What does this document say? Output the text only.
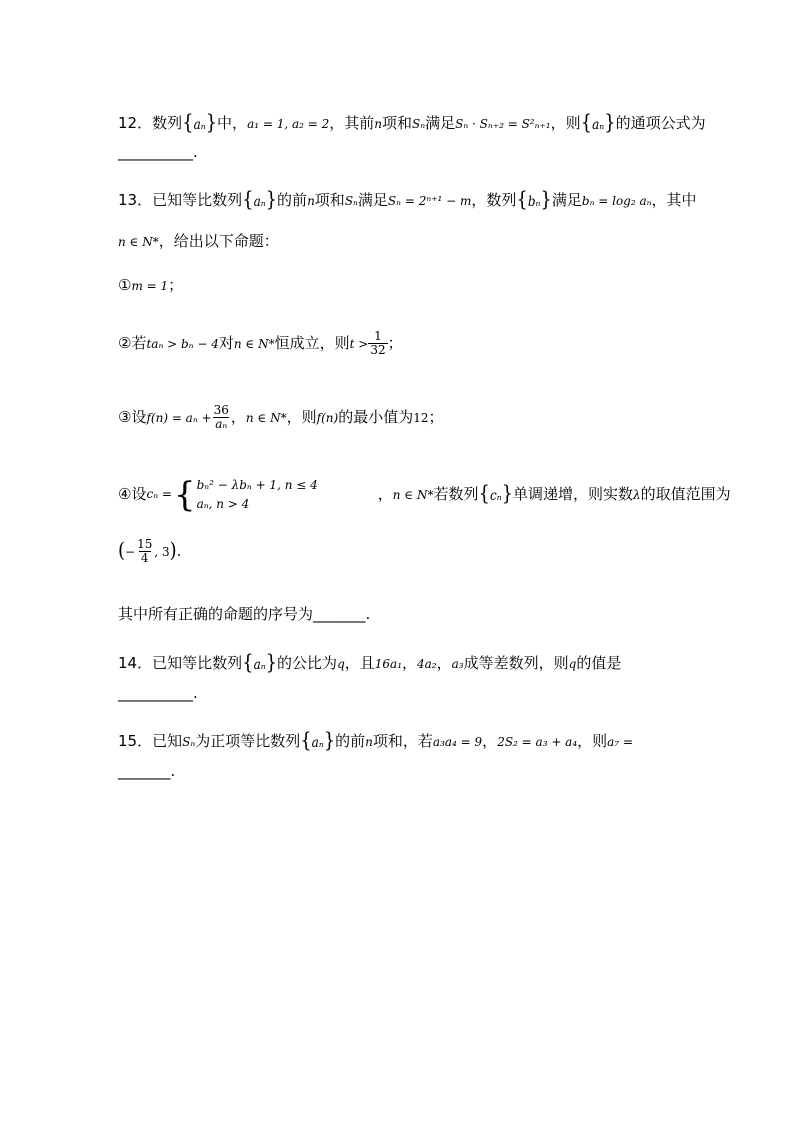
12．数列{aₙ}中，a₁ = 1, a₂ = 2，其前n项和Sₙ满足Sₙ · Sₙ₊₂ = S²ₙ₊₁，则{aₙ}的通项公式为
__________.
13．已知等比数列{aₙ}的前n项和Sₙ满足Sₙ = 2ⁿ⁺¹ − m，数列{bₙ}满足bₙ = log₂ aₙ，其中
n ∈ N*，给出以下命题：
①m = 1；
②若taₙ > bₙ − 4对n ∈ N*恒成立，则$t > \frac{1}{32}$ ；
③设$f(n) = a_n + \frac{36}{\text{aₙ}}$ ，n ∈ N*，则f(n)的最小值为12；
④设 cₙ = { bₙ² − λbₙ + 1, n ≤ 4
aₙ, n > 4
，n ∈ N*若数列{cₙ}单调递增，则实数λ的取值范围为
(− $\frac{15}{4}$ , 3).
其中所有正确的命题的序号为_______.
14．已知等比数列{aₙ}的公比为q，且16a₁，4a₂，a₃成等差数列，则q的值是
__________.
15．已知Sₙ为正项等比数列{aₙ}的前n项和，若a₃a₄ = 9，2S₂ = a₃ + a₄，则a₇ =
_______.
